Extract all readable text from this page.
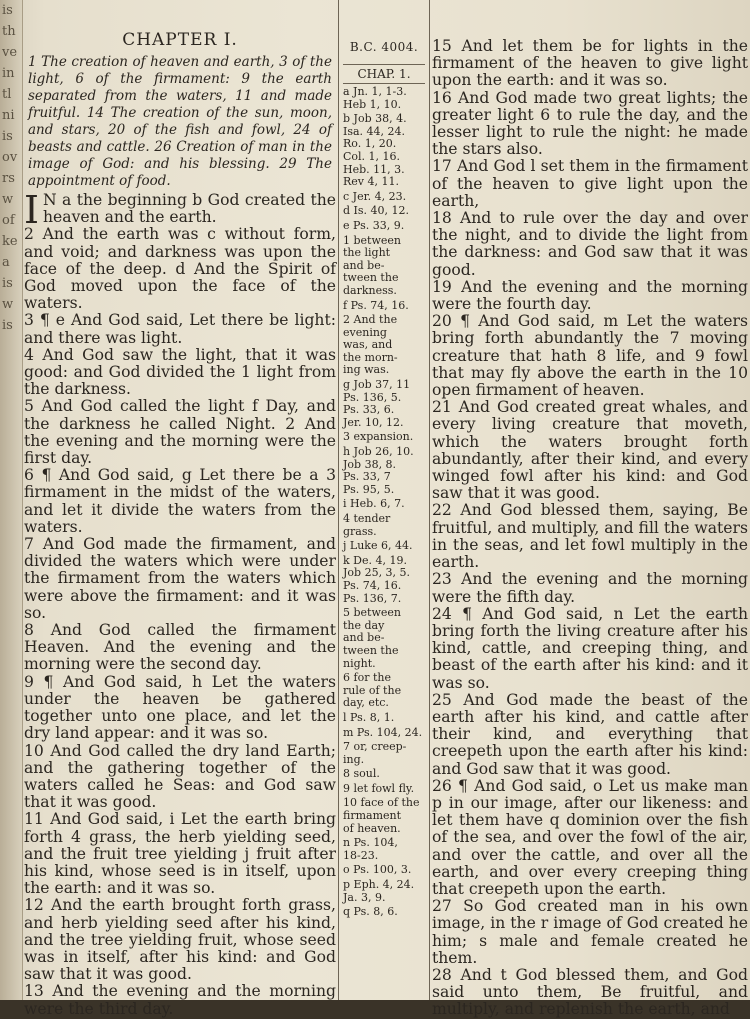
is
th
ve
in
tl
ni
is
ov
rs
w
of
ke
a
is
w
is
CHAPTER I.

1 The creation of heaven and earth, 3 of the light, 6 of the firmament: 9 the earth separated from the waters, 11 and made fruitful. 14 The creation of the sun, moon, and stars, 20 of the fish and fowl, 24 of beasts and cattle. 26 Creation of man in the image of God: and his blessing. 29 The appointment of food.

I N a the beginning b God created the heaven and the earth.

2 And the earth was c without form, and void; and darkness was upon the face of the deep. d And the Spirit of God moved upon the face of the waters.

3 ¶ e And God said, Let there be light: and there was light.

4 And God saw the light, that it was good: and God divided the 1 light from the darkness.

5 And God called the light f Day, and the darkness he called Night. 2 And the evening and the morning were the first day.

6 ¶ And God said, g Let there be a 3 firmament in the midst of the waters, and let it divide the waters from the waters.

7 And God made the firmament, and divided the waters which were under the firmament from the waters which were above the firmament: and it was so.

8 And God called the firmament Heaven. And the evening and the morning were the second day.

9 ¶ And God said, h Let the waters under the heaven be gathered together unto one place, and let the dry land appear: and it was so.

10 And God called the dry land Earth; and the gathering together of the waters called he Seas: and God saw that it was good.

11 And God said, i Let the earth bring forth 4 grass, the herb yielding seed, and the fruit tree yielding j fruit after his kind, whose seed is in itself, upon the earth: and it was so.

12 And the earth brought forth grass, and herb yielding seed after his kind, and the tree yielding fruit, whose seed was in itself, after his kind: and God saw that it was good.

13 And the evening and the morning were the third day.

B.C. 4004.
CHAP. 1.

a Jn. 1, 1-3.
Heb 1, 10.

b Job 38, 4.
Isa. 44, 24.
Ro. 1, 20.
Col. 1, 16.
Heb. 11, 3.
Rev 4, 11.

c Jer. 4, 23.

d Is. 40, 12.

e Ps. 33, 9.

1 between
the light
and be-
tween the
darkness.

f Ps. 74, 16.

2 And the
evening
was, and
the morn-
ing was.

g Job 37, 11
Ps. 136, 5.
Ps. 33, 6.
Jer. 10, 12.

3 expansion.

h Job 26, 10.
Job 38, 8.
Ps. 33, 7
Ps. 95, 5.

i Heb. 6, 7.

4 tender
grass.

j Luke 6, 44.

k De. 4, 19.
Job 25, 3, 5.
Ps. 74, 16.
Ps. 136, 7.

5 between
the day
and be-
tween the
night.

6 for the
rule of the
day, etc.

l Ps. 8, 1.

m Ps. 104, 24.

7 or, creep-
ing.

8 soul.

9 let fowl fly.

10 face of the
firmament
of heaven.

n Ps. 104,
18-23.

o Ps. 100, 3.

p Eph. 4, 24.
Ja. 3, 9.

q Ps. 8, 6.

15 And let them be for lights in the firmament of the heaven to give light upon the earth: and it was so.

16 And God made two great lights; the greater light 6 to rule the day, and the lesser light to rule the night: he made the stars also.

17 And God l set them in the firmament of the heaven to give light upon the earth,

18 And to rule over the day and over the night, and to divide the light from the darkness: and God saw that it was good.

19 And the evening and the morning were the fourth day.

20 ¶ And God said, m Let the waters bring forth abundantly the 7 moving creature that hath 8 life, and 9 fowl that may fly above the earth in the 10 open firmament of heaven.

21 And God created great whales, and every living creature that moveth, which the waters brought forth abundantly, after their kind, and every winged fowl after his kind: and God saw that it was good.

22 And God blessed them, saying, Be fruitful, and multiply, and fill the waters in the seas, and let fowl multiply in the earth.

23 And the evening and the morning were the fifth day.

24 ¶ And God said, n Let the earth bring forth the living creature after his kind, cattle, and creeping thing, and beast of the earth after his kind: and it was so.

25 And God made the beast of the earth after his kind, and cattle after their kind, and everything that creepeth upon the earth after his kind: and God saw that it was good.

26 ¶ And God said, o Let us make man p in our image, after our likeness: and let them have q dominion over the fish of the sea, and over the fowl of the air, and over the cattle, and over all the earth, and over every creeping thing that creepeth upon the earth.

27 So God created man in his own image, in the r image of God created he him; s male and female created he them.

28 And t God blessed them, and God said unto them, Be fruitful, and multiply, and replenish the earth, and
